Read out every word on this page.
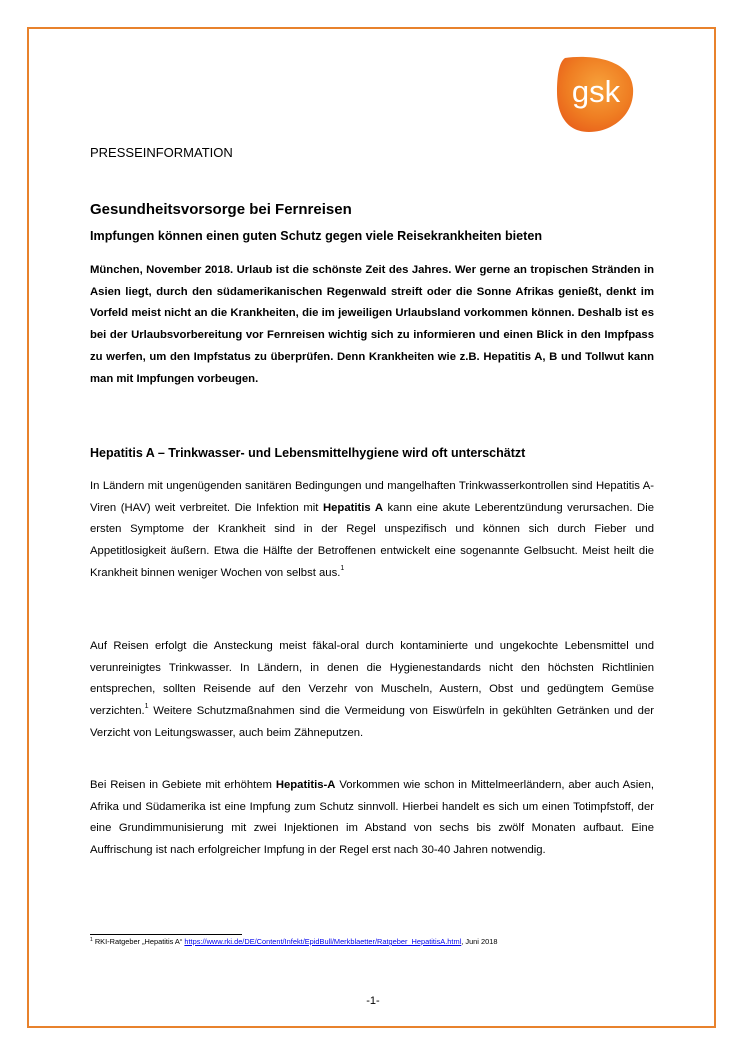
gsk
PRESSEINFORMATION
Gesundheitsvorsorge bei Fernreisen
Impfungen können einen guten Schutz gegen viele Reisekrankheiten bieten

München, November 2018. Urlaub ist die schönste Zeit des Jahres. Wer gerne an tropischen Stränden in Asien liegt, durch den südamerikanischen Regenwald streift oder die Sonne Afrikas genießt, denkt im Vorfeld meist nicht an die Krankheiten, die im jeweiligen Urlaubsland vorkommen können. Deshalb ist es bei der Urlaubsvorbereitung vor Fernreisen wichtig sich zu informieren und einen Blick in den Impfpass zu werfen, um den Impfstatus zu überprüfen. Denn Krankheiten wie z.B. Hepatitis A, B und Tollwut kann man mit Impfungen vorbeugen.

Hepatitis A – Trinkwasser- und Lebensmittelhygiene wird oft unterschätzt

In Ländern mit ungenügenden sanitären Bedingungen und mangelhaften Trinkwasserkontrollen sind Hepatitis A-Viren (HAV) weit verbreitet. Die Infektion mit Hepatitis A kann eine akute Leberentzündung verursachen. Die ersten Symptome der Krankheit sind in der Regel unspezifisch und können sich durch Fieber und Appetitlosigkeit äußern. Etwa die Hälfte der Betroffenen entwickelt eine sogenannte Gelbsucht. Meist heilt die Krankheit binnen weniger Wochen von selbst aus.$^1$

Auf Reisen erfolgt die Ansteckung meist fäkal-oral durch kontaminierte und ungekochte Lebensmittel und verunreinigtes Trinkwasser. In Ländern, in denen die Hygienestandards nicht den höchsten Richtlinien entsprechen, sollten Reisende auf den Verzehr von Muscheln, Austern, Obst und gedüngtem Gemüse verzichten.$^1$ Weitere Schutzmaßnahmen sind die Vermeidung von Eiswürfeln in gekühlten Getränken und der Verzicht von Leitungswasser, auch beim Zähneputzen.

Bei Reisen in Gebiete mit erhöhtem Hepatitis-A Vorkommen wie schon in Mittelmeerländern, aber auch Asien, Afrika und Südamerika ist eine Impfung zum Schutz sinnvoll. Hierbei handelt es sich um einen Totimpfstoff, der eine Grundimmunisierung mit zwei Injektionen im Abstand von sechs bis zwölf Monaten aufbaut. Eine Auffrischung ist nach erfolgreicher Impfung in der Regel erst nach 30-40 Jahren notwendig.

$^1$ RKI-Ratgeber „Hepatitis A“ https://www.rki.de/DE/Content/Infekt/EpidBull/Merkblaetter/Ratgeber_HepatitisA.html, Juni 2018
-1-
